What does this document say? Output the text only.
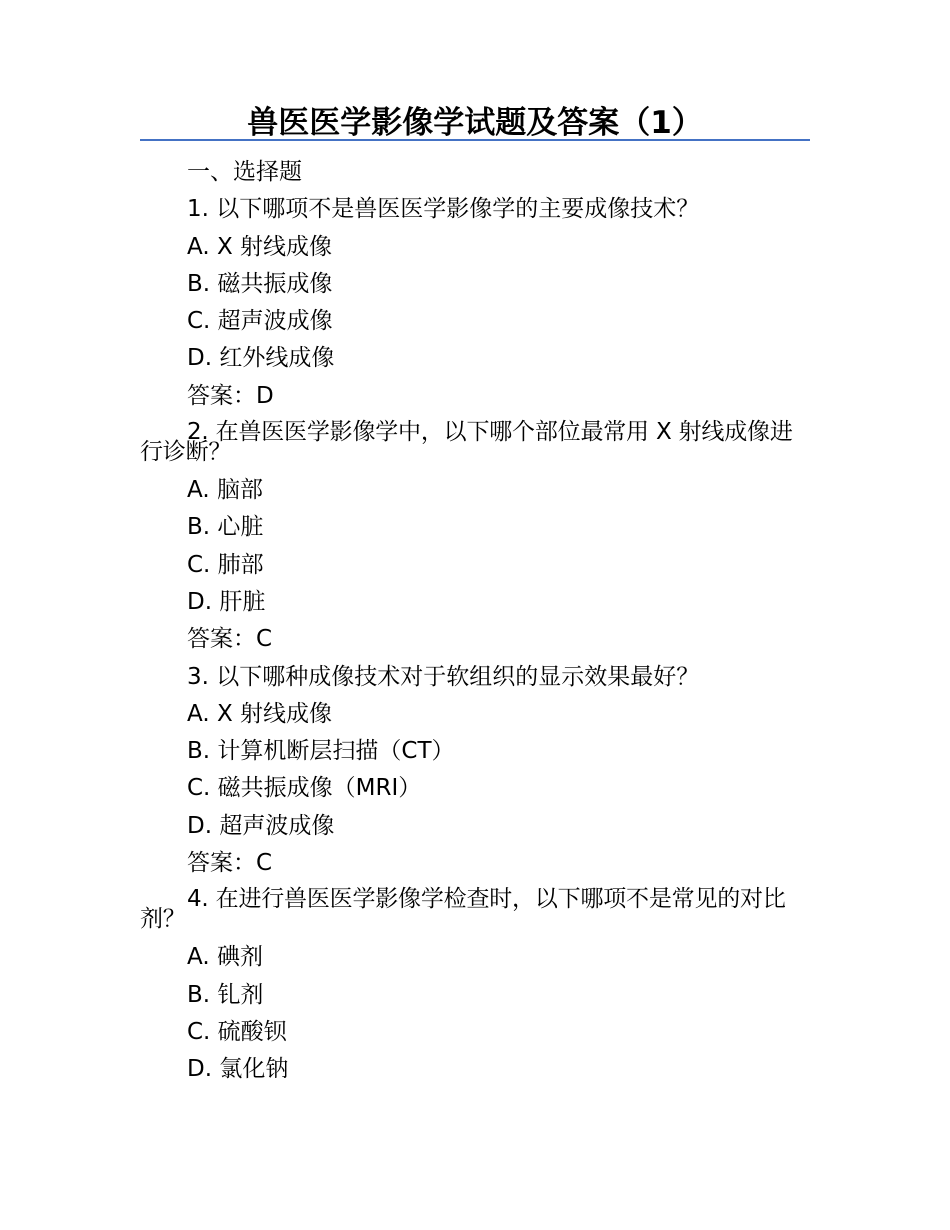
兽医医学影像学试题及答案（1）
一、选择题
1. 以下哪项不是兽医医学影像学的主要成像技术？
A. X 射线成像
B. 磁共振成像
C. 超声波成像
D. 红外线成像
答案：D
2. 在兽医医学影像学中，以下哪个部位最常用 X 射线成像进行诊断？
A. 脑部
B. 心脏
C. 肺部
D. 肝脏
答案：C
3. 以下哪种成像技术对于软组织的显示效果最好？
A. X 射线成像
B. 计算机断层扫描（CT）
C. 磁共振成像（MRI）
D. 超声波成像
答案：C
4. 在进行兽医医学影像学检查时，以下哪项不是常见的对比剂？
A. 碘剂
B. 钆剂
C. 硫酸钡
D. 氯化钠
